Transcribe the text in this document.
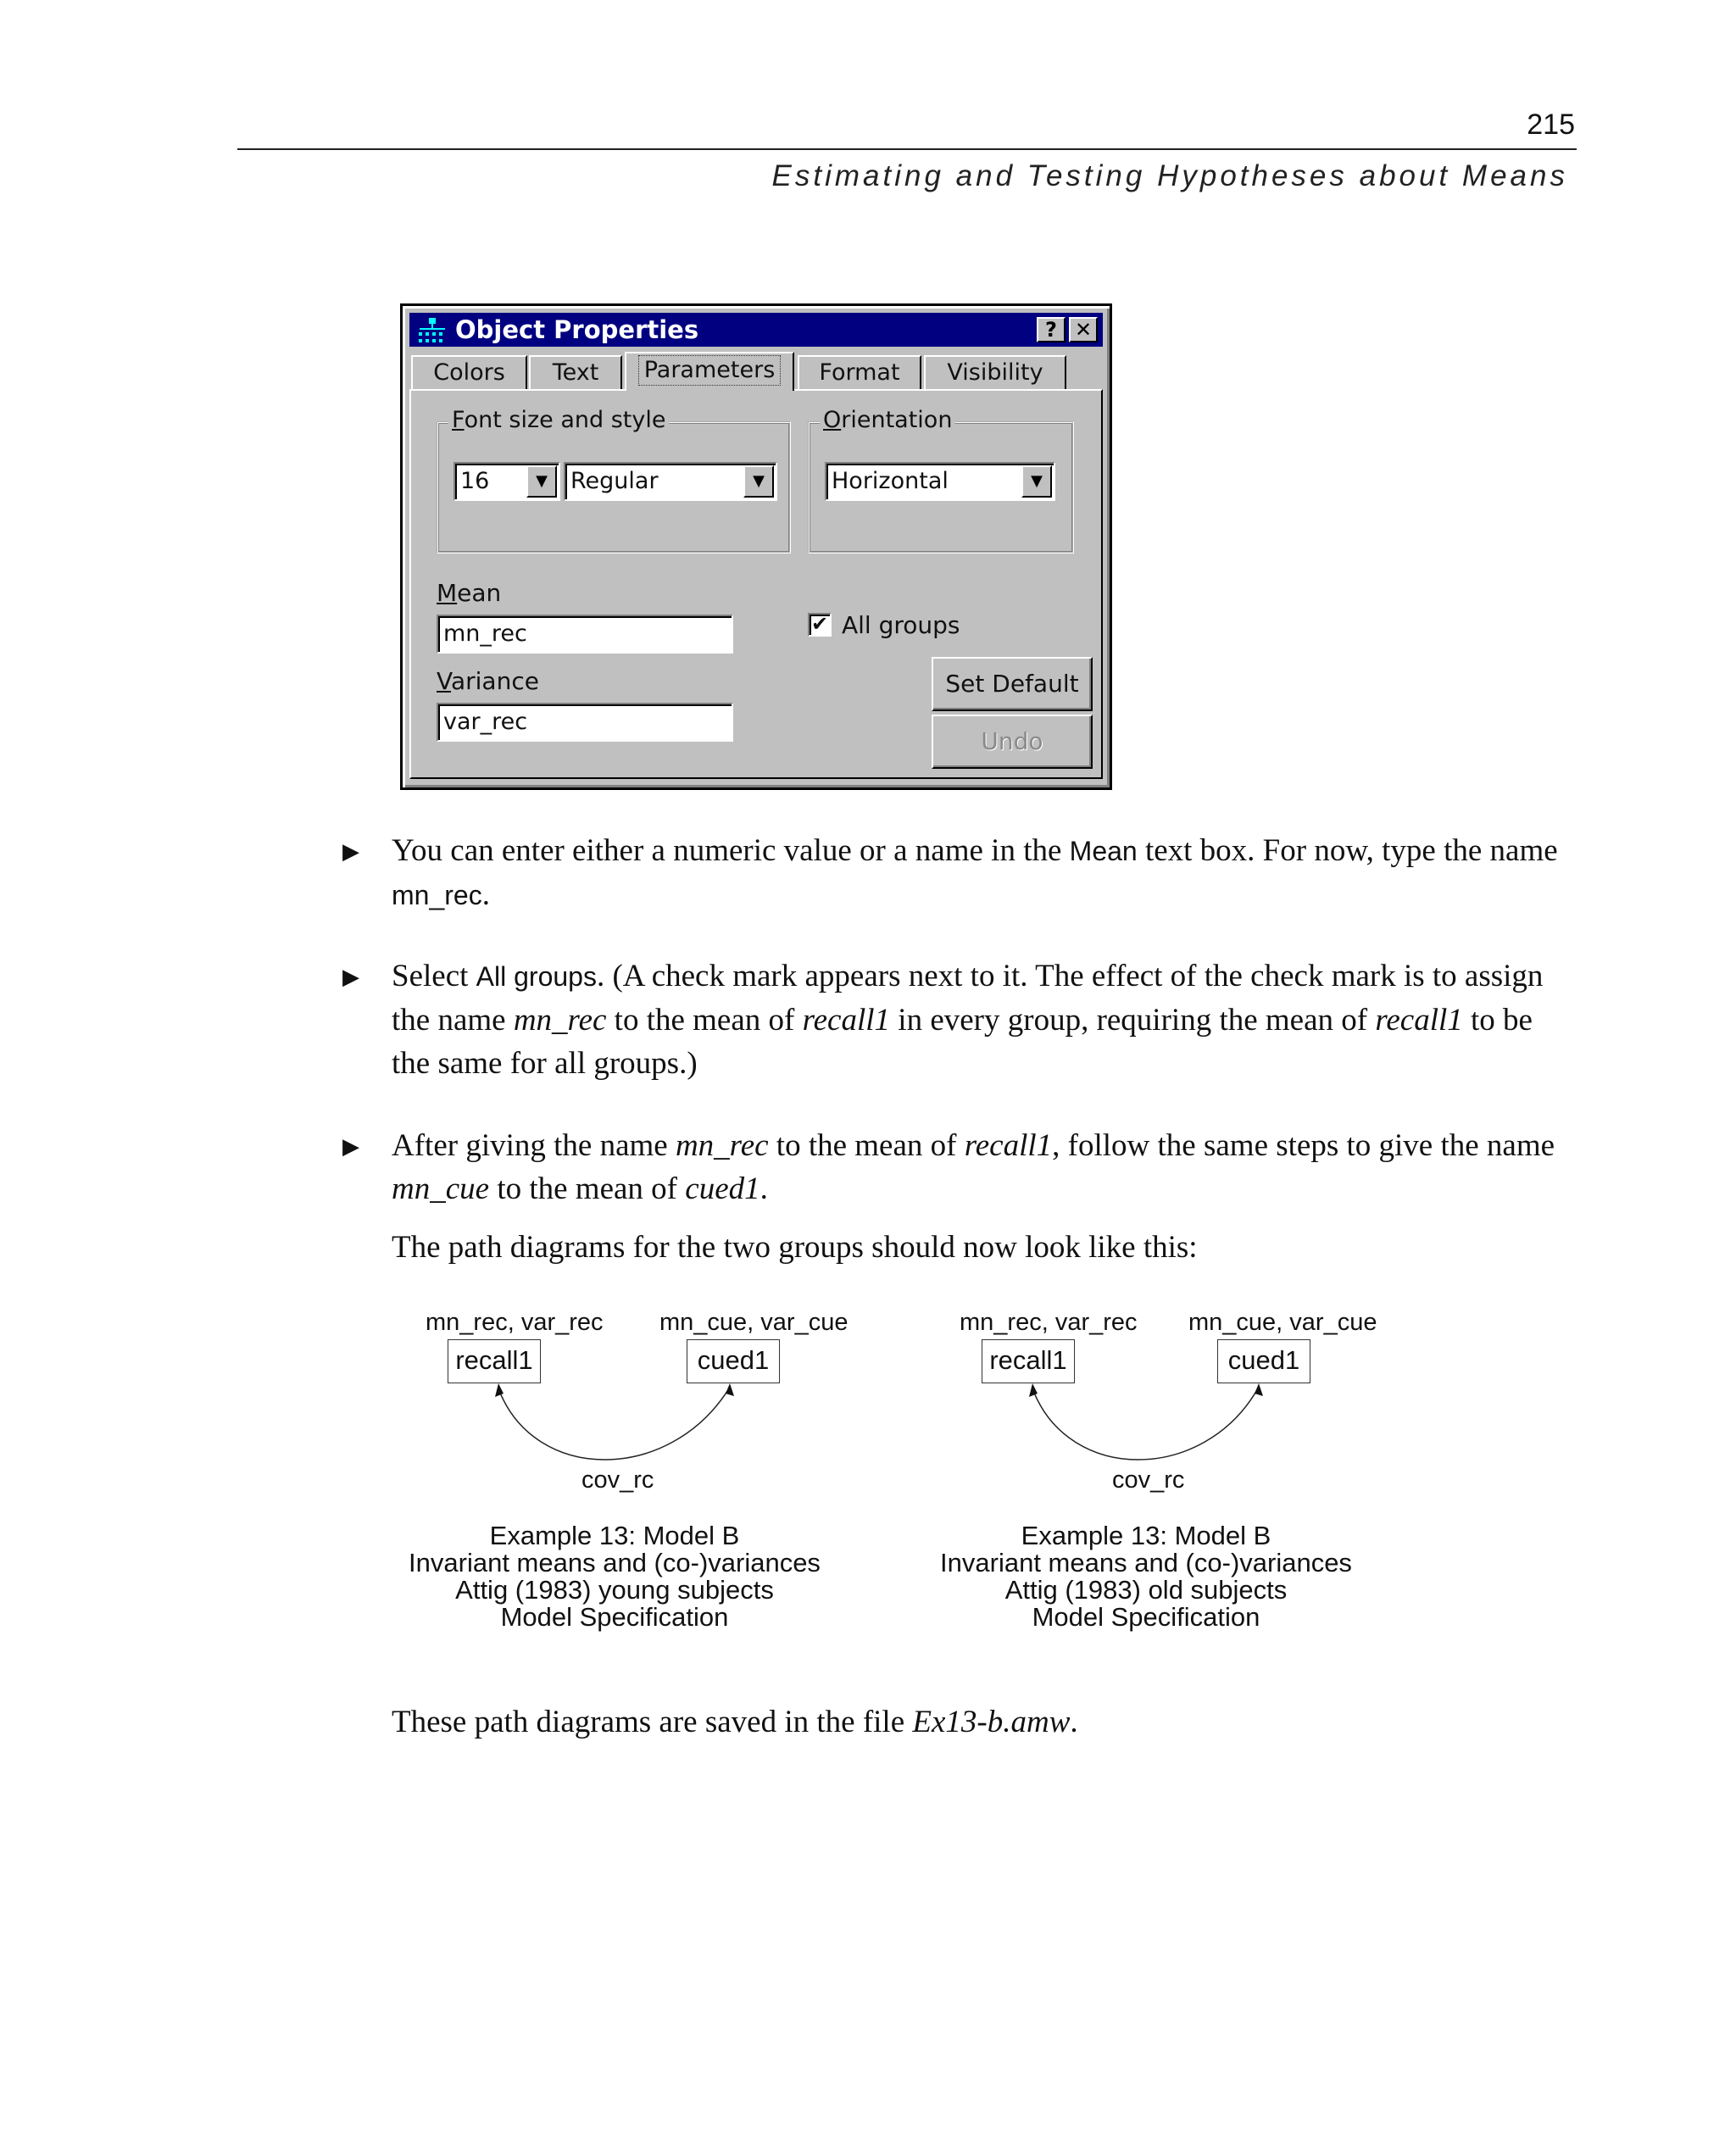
215
Estimating and Testing Hypotheses about Means
Object Properties	? ✕
Colors	Text	Parameters	Format	Visibility
Font size and style
16	▼	Regular	▼
Orientation
Horizontal	▼
Mean
mn_rec
Variance
var_rec
✔ All groups
Set Default
Undo
▶ You can enter either a numeric value or a name in the Mean text box. For now, type the name mn_rec.
▶ Select All groups. (A check mark appears next to it. The effect of the check mark is to assign the name mn_rec to the mean of recall1 in every group, requiring the mean of recall1 to be the same for all groups.)
▶ After giving the name mn_rec to the mean of recall1, follow the same steps to give the name mn_cue to the mean of cued1.
The path diagrams for the two groups should now look like this:
mn_rec, var_rec
recall1
mn_cue, var_cue
cued1
cov_rc
Example 13: Model B
Invariant means and (co-)variances
Attig (1983) young subjects
Model Specification
mn_rec, var_rec
recall1
mn_cue, var_cue
cued1
cov_rc
Example 13: Model B
Invariant means and (co-)variances
Attig (1983) old subjects
Model Specification
These path diagrams are saved in the file Ex13-b.amw.
